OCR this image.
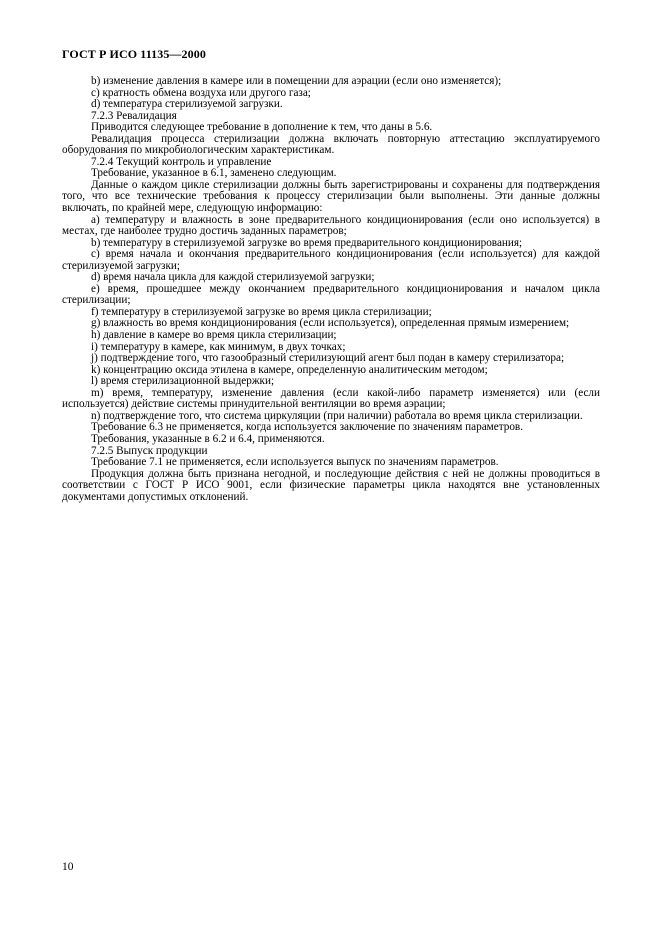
ГОСТ Р ИСО 11135—2000

b) изменение давления в камере или в помещении для аэрации (если оно изменяется);

c) кратность обмена воздуха или другого газа;

d) температура стерилизуемой загрузки.

7.2.3 Ревалидация

Приводится следующее требование в дополнение к тем, что даны в 5.6.

Ревалидация процесса стерилизации должна включать повторную аттестацию эксплуатируемого оборудования по микробиологическим характеристикам.

7.2.4 Текущий контроль и управление

Требование, указанное в 6.1, заменено следующим.

Данные о каждом цикле стерилизации должны быть зарегистрированы и сохранены для подтверждения того, что все технические требования к процессу стерилизации были выполнены. Эти данные должны включать, по крайней мере, следующую информацию:

a) температуру и влажность в зоне предварительного кондиционирования (если оно используется) в местах, где наиболее трудно достичь заданных параметров;

b) температуру в стерилизуемой загрузке во время предварительного кондиционирования;

c) время начала и окончания предварительного кондиционирования (если используется) для каждой стерилизуемой загрузки;

d) время начала цикла для каждой стерилизуемой загрузки;

e) время, прошедшее между окончанием предварительного кондиционирования и началом цикла стерилизации;

f) температуру в стерилизуемой загрузке во время цикла стерилизации;

g) влажность во время кондиционирования (если используется), определенная прямым измерением;

h) давление в камере во время цикла стерилизации;

i) температуру в камере, как минимум, в двух точках;

j) подтверждение того, что газообразный стерилизующий агент был подан в камеру стерилизатора;

k) концентрацию оксида этилена в камере, определенную аналитическим методом;

l) время стерилизационной выдержки;

m) время, температуру, изменение давления (если какой-либо параметр изменяется) или (если используется) действие системы принудительной вентиляции во время аэрации;

n) подтверждение того, что система циркуляции (при наличии) работала во время цикла стерилизации.

Требование 6.3 не применяется, когда используется заключение по значениям параметров.

Требования, указанные в 6.2 и 6.4, применяются.

7.2.5 Выпуск продукции

Требование 7.1 не применяется, если используется выпуск по значениям параметров.

Продукция должна быть признана негодной, и последующие действия с ней не должны проводиться в соответствии с ГОСТ Р ИСО 9001, если физические параметры цикла находятся вне установленных документами допустимых отклонений.

10
